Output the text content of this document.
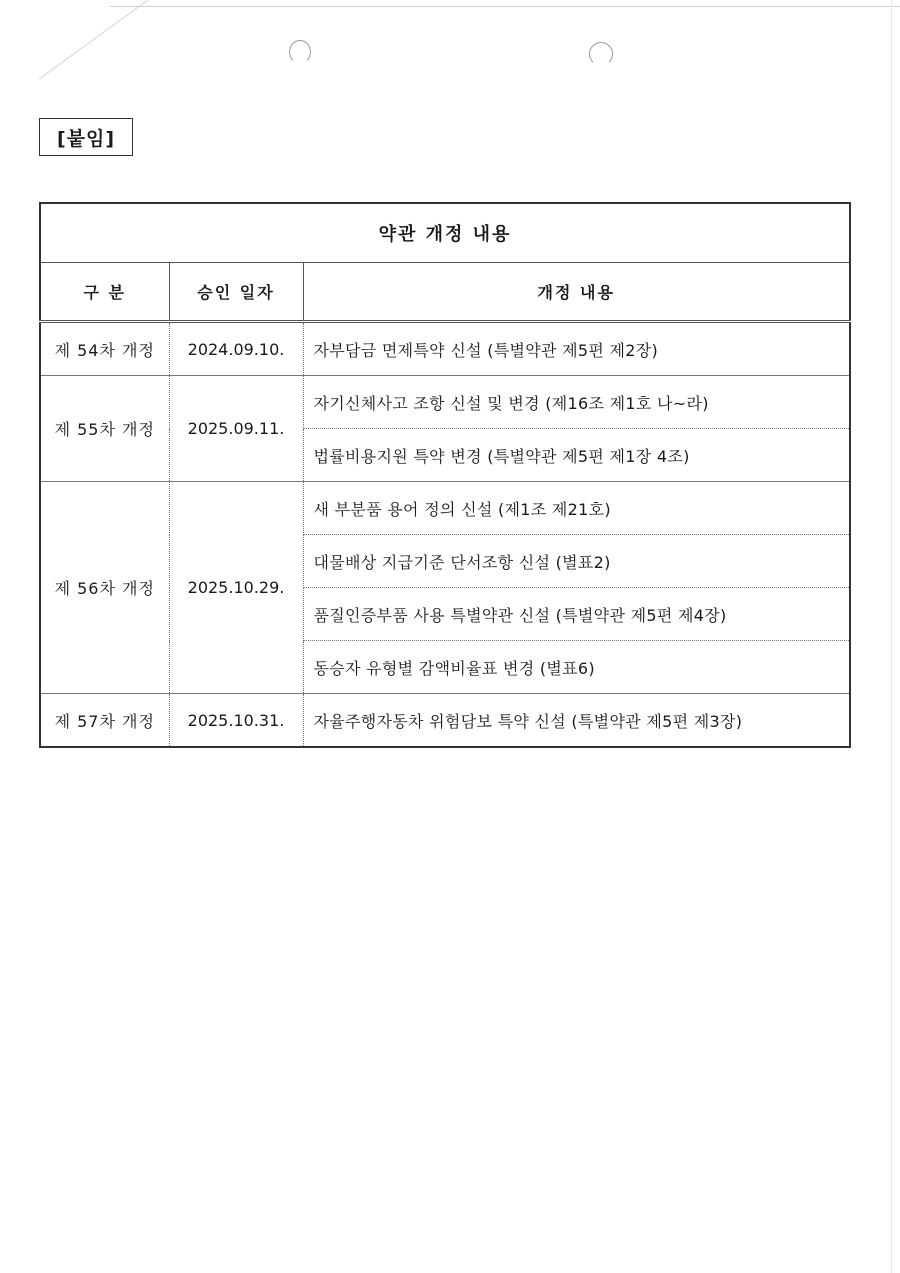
[붙임]
약관 개정 내용		
구 분	승인 일자	개정 내용
제 54차 개정	2024.09.10.	자부담금 면제특약 신설 (특별약관 제5편 제2장)
제 55차 개정	2025.09.11.	자기신체사고 조항 신설 및 변경 (제16조 제1호 나~라)
		법률비용지원 특약 변경 (특별약관 제5편 제1장 4조)
제 56차 개정	2025.10.29.	새 부분품 용어 정의 신설 (제1조 제21호)
		대물배상 지급기준 단서조항 신설 (별표2)
		품질인증부품 사용 특별약관 신설 (특별약관 제5편 제4장)
		동승자 유형별 감액비율표 변경 (별표6)
제 57차 개정	2025.10.31.	자율주행자동차 위험담보 특약 신설 (특별약관 제5편 제3장)
